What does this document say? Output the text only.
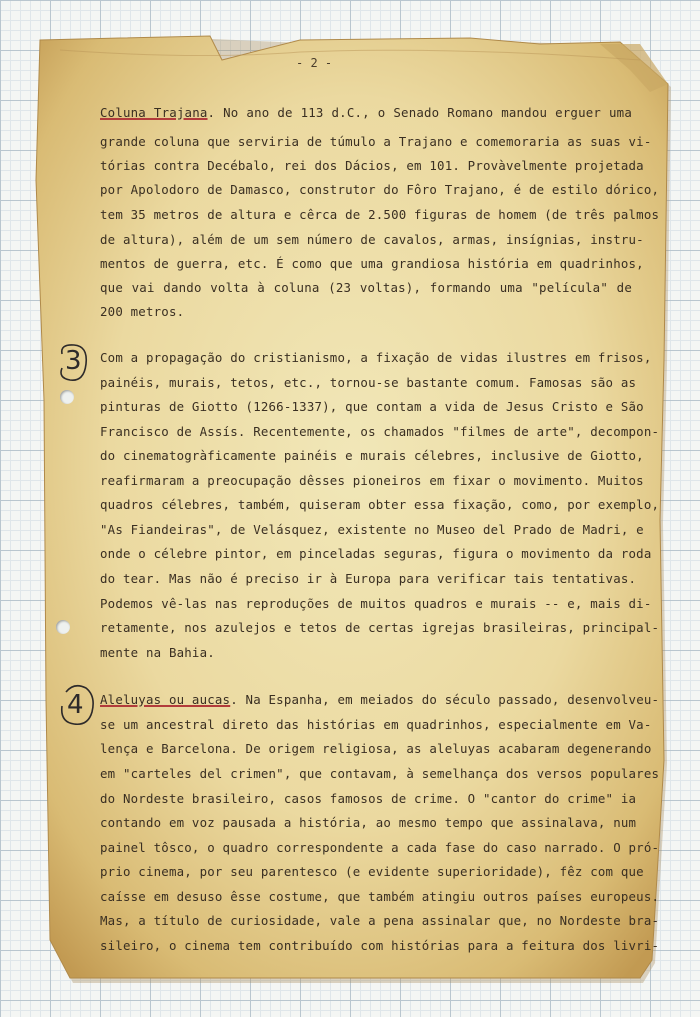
- 2 -
3
4
Coluna Trajana. No ano de 113 d.C., o Senado Romano mandou erguer uma
grande coluna que serviria de túmulo a Trajano e comemoraria as suas vi-
tórias contra Decébalo, rei dos Dácios, em 101. Provàvelmente projetada
por Apolodoro de Damasco, construtor do Fôro Trajano, é de estilo dórico,
tem 35 metros de altura e cêrca de 2.500 figuras de homem (de três palmos
de altura), além de um sem número de cavalos, armas, insígnias, instru-
mentos de guerra, etc. É como que uma grandiosa história em quadrinhos,
que vai dando volta à coluna (23 voltas), formando uma "película" de
200 metros.
Com a propagação do cristianismo, a fixação de vidas ilustres em frisos,
painéis, murais, tetos, etc., tornou-se bastante comum. Famosas são as
pinturas de Giotto (1266-1337), que contam a vida de Jesus Cristo e São
Francisco de Assís. Recentemente, os chamados "filmes de arte", decompon-
do cinematogràficamente painéis e murais célebres, inclusive de Giotto,
reafirmaram a preocupação dêsses pioneiros em fixar o movimento. Muitos
quadros célebres, também, quiseram obter essa fixação, como, por exemplo,
"As Fiandeiras", de Velásquez, existente no Museo del Prado de Madri, e
onde o célebre pintor, em pinceladas seguras, figura o movimento da roda
do tear. Mas não é preciso ir à Europa para verificar tais tentativas.
Podemos vê-las nas reproduções de muitos quadros e murais -- e, mais di-
retamente, nos azulejos e tetos de certas igrejas brasileiras, principal-
mente na Bahia.
Aleluyas ou aucas. Na Espanha, em meiados do século passado, desenvolveu-
se um ancestral direto das histórias em quadrinhos, especialmente em Va-
lença e Barcelona. De origem religiosa, as aleluyas acabaram degenerando
em "carteles del crimen", que contavam, à semelhança dos versos populares
do Nordeste brasileiro, casos famosos de crime. O "cantor do crime" ia
contando em voz pausada a história, ao mesmo tempo que assinalava, num
painel tôsco, o quadro correspondente a cada fase do caso narrado. O pró-
prio cinema, por seu parentesco (e evidente superioridade), fêz com que
caísse em desuso êsse costume, que também atingiu outros países europeus.
Mas, a título de curiosidade, vale a pena assinalar que, no Nordeste bra-
sileiro, o cinema tem contribuído com histórias para a feitura dos livri-
